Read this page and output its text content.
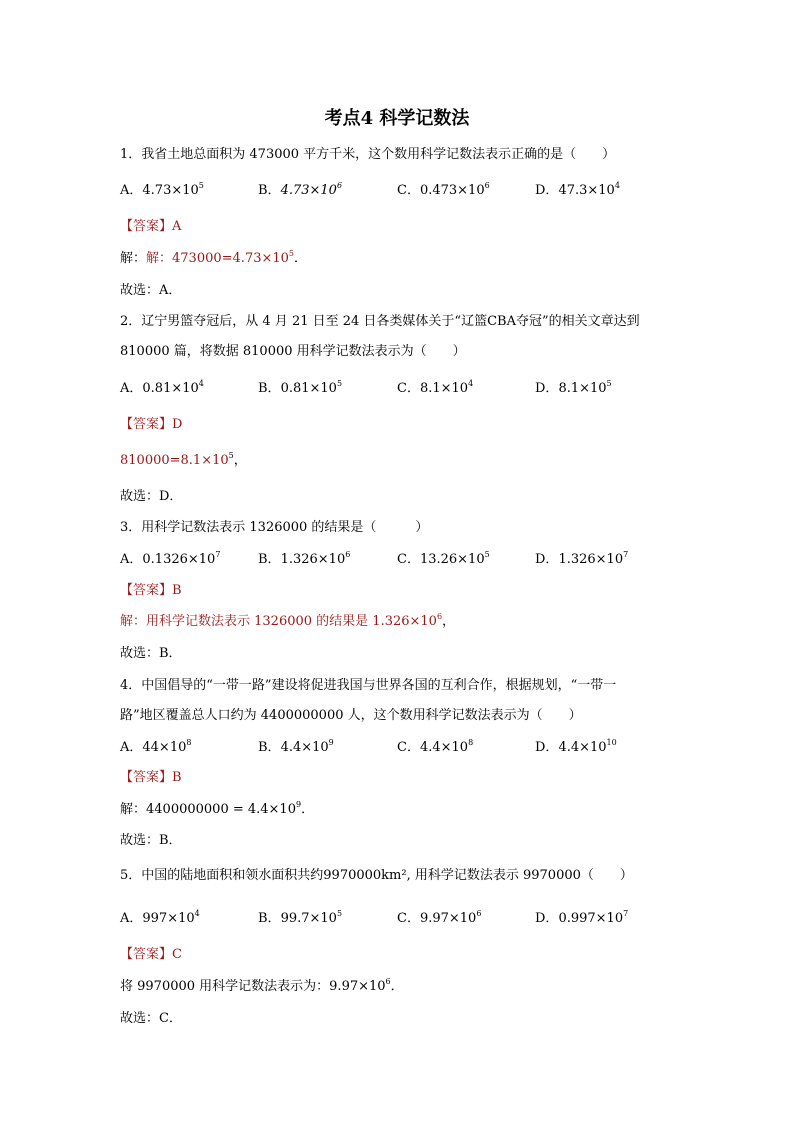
考点4 科学记数法
1．我省土地总面积为 473000 平方千米，这个数用科学记数法表示正确的是（　　）
A．$4.73\times 10^5$	B．$4.73\times 10^6$	C．$0.473\times 10^6$	D．$47.3\times 10^4$
【答案】A
解：解：$473000=4.73\times 10^5$．
故选：A．
2．辽宁男篮夺冠后，从 4 月 21 日至 24 日各类媒体关于“辽篮CBA夺冠”的相关文章达到
810000 篇，将数据 810000 用科学记数法表示为（　　）
A．$0.81\times 10^4$	B．$0.81\times 10^5$	C．$8.1\times 10^4$	D．$8.1\times 10^5$
【答案】D
$810000=8.1\times 10^5$，
故选：D．
3．用科学记数法表示 1326000 的结果是（　　　）
A．$0.1326\times 10^7$	B．$1.326\times 10^6$	C．$13.26\times 10^5$	D．$1.326\times 10^7$
【答案】B
解：用科学记数法表示 1326000 的结果是 $1.326\times 10^6$，
故选：B．
4．中国倡导的“一带一路”建设将促进我国与世界各国的互利合作，根据规划，“一带一
路”地区覆盖总人口约为 4400000000 人，这个数用科学记数法表示为（　　）
A．$44\times 10^8$	B．$4.4\times 10^9$	C．$4.4\times 10^8$	D．$4.4\times 10^{10}$
【答案】B
解：$4400000000 = 4.4\times 10^9$．
故选：B．
5．中国的陆地面积和领水面积共约9970000km², 用科学记数法表示 9970000（　　）
A．$997\times 10^4$	B．$99.7\times 10^5$	C．$9.97\times 10^6$	D．$0.997\times 10^7$
【答案】C
将 9970000 用科学记数法表示为：$9.97\times 10^6$．
故选：C．
